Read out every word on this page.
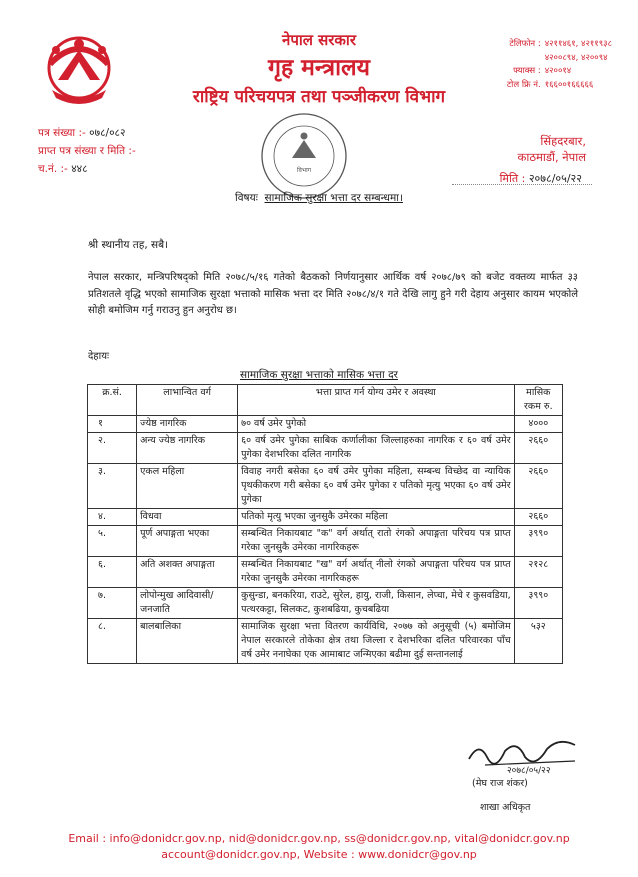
नेपाल सरकार
गृह मन्त्रालय
राष्ट्रिय परिचयपत्र तथा पञ्जीकरण विभाग
टेलिफोन : ४२११४६१, ४२११९३८
४२००८९४, ४२००९४
फ्याक्स : ४२००१४
टोल फ्रि नं. १६६००१६६६६६
पत्र संख्या :- ०७८/०८२
प्राप्त पत्र संख्या र मिति :-
च.नं. :- ४४८	विभाग
सिंहदरबार,
काठमाडौं, नेपाल
मिति : २०७८/०५/२२
विषयः सामाजिक सुरक्षा भत्ता दर सम्बन्धमा।
श्री स्थानीय तह, सबै।
नेपाल सरकार, मन्त्रिपरिषद्को मिति २०७८/५/१६ गतेको बैठकको निर्णयानुसार आर्थिक वर्ष २०७८/७९ को बजेट वक्तव्य मार्फत ३३ प्रतिशतले वृद्धि भएको सामाजिक सुरक्षा भत्ताको मासिक भत्ता दर मिति २०७८/४/१ गते देखि लागु हुने गरी देहाय अनुसार कायम भएकोले सोही बमोजिम गर्नु गराउनु हुन अनुरोध छ।
देहायः
सामाजिक सुरक्षा भत्ताको मासिक भत्ता दर
क्र.सं.	लाभान्वित वर्ग	भत्ता प्राप्त गर्न योग्य उमेर र अवस्था	मासिक रकम रु.
१	ज्येष्ठ नागरिक	७० वर्ष उमेर पुगेको	४०००
२.	अन्य ज्येष्ठ नागरिक	६० वर्ष उमेर पुगेका साबिक कर्णालीका जिल्लाहरुका नागरिक र ६० वर्ष उमेर पुगेका देशभरिका दलित नागरिक	२६६०
३.	एकल महिला	विवाह नगरी बसेका ६० वर्ष उमेर पुगेका महिला, सम्बन्ध विच्छेद वा न्यायिक पृथकीकरण गरी बसेका ६० वर्ष उमेर पुगेका र पतिको मृत्यु भएका ६० वर्ष उमेर पुगेका	२६६०
४.	विधवा	पतिको मृत्यु भएका जुनसुकै उमेरका महिला	२६६०
५.	पूर्ण अपाङ्गता भएका	सम्बन्धित निकायबाट "क" वर्ग अर्थात् रातो रंगको अपाङ्गता परिचय पत्र प्राप्त गरेका जुनसुकै उमेरका नागरिकहरू	३९९०
६.	अति अशक्त अपाङ्गता	सम्बन्धित निकायबाट "ख" वर्ग अर्थात् नीलो रंगको अपाङ्गता परिचय पत्र प्राप्त गरेका जुनसुकै उमेरका नागरिकहरू	२१२८
७.	लोपोन्मुख आदिवासी/ जनजाति	कुसुन्डा, बनकरिया, राउटे, सुरेल, हायु, राजी, किसान, लेप्चा, मेचे र कुसवडिया, पत्थरकट्टा, सिलकट, कुशबढिया, कुचबढिया	३९९०
८.	बालबालिका	सामाजिक सुरक्षा भत्ता वितरण कार्यविधि, २०७७ को अनुसूची (५) बमोजिम नेपाल सरकारले तोकेका क्षेत्र तथा जिल्ला र देशभरिका दलित परिवारका पाँच वर्ष उमेर ननाघेका एक आमाबाट जन्मिएका बढीमा दुई सन्तानलाई	५३२
२०७८/०५/२२
(मेघ राज शंकर)
शाखा अधिकृत
Email : info@donidcr.gov.np, nid@donidcr.gov.np, ss@donidcr.gov.np, vital@donidcr.gov.np
account@donidcr.gov.np, Website : www.donidcr@gov.np
